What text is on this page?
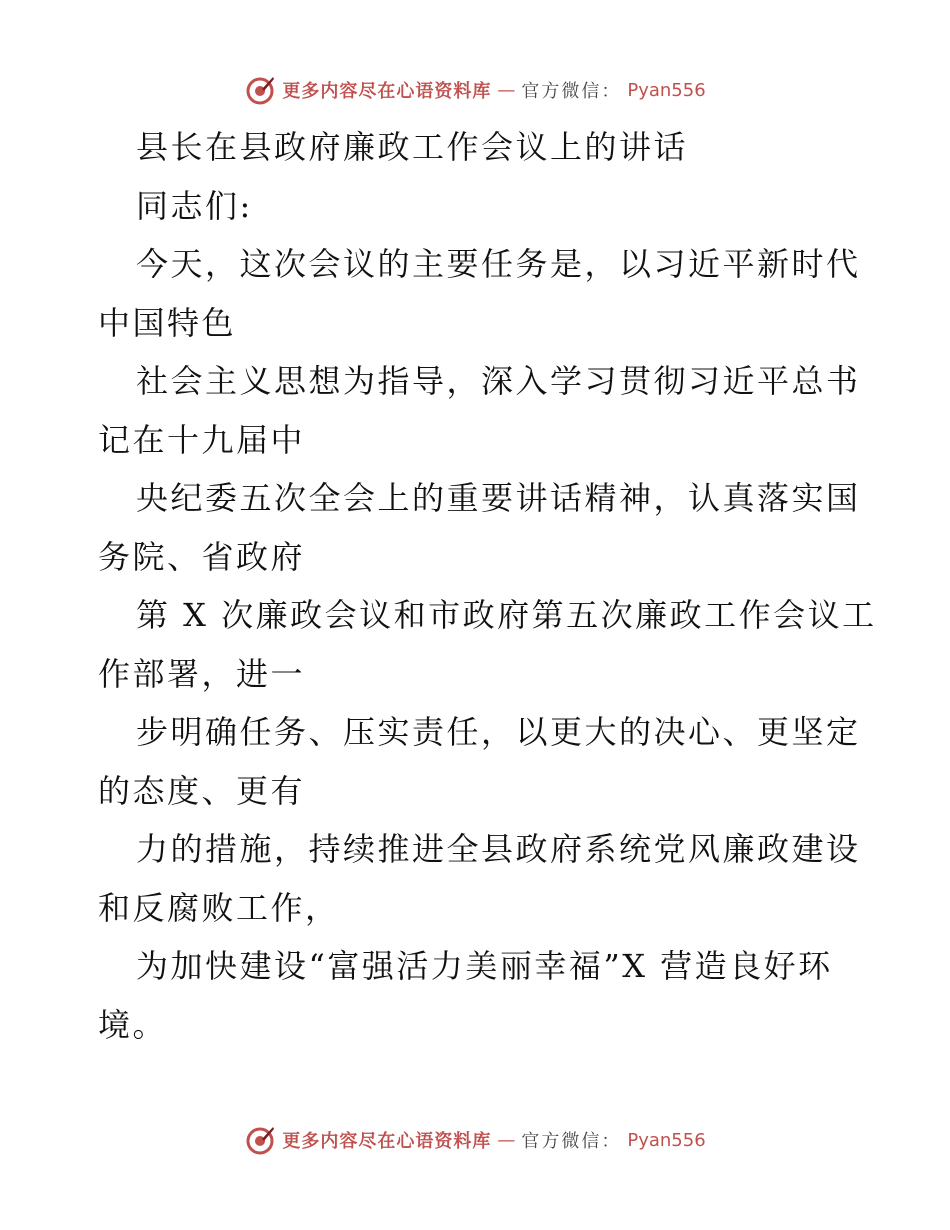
更多内容尽在心语资料库 — 官方微信： Pyan556
县长在县政府廉政工作会议上的讲话
同志们:
今天，这次会议的主要任务是，以习近平新时代
中国特色
社会主义思想为指导，深入学习贯彻习近平总书
记在十九届中
央纪委五次全会上的重要讲话精神，认真落实国
务院、省政府
第 X 次廉政会议和市政府第五次廉政工作会议工
作部署，进一
步明确任务、压实责任，以更大的决心、更坚定
的态度、更有
力的措施，持续推进全县政府系统党风廉政建设
和反腐败工作，
为加快建设“富强活力美丽幸福”X 营造良好环
境。
更多内容尽在心语资料库 — 官方微信： Pyan556
